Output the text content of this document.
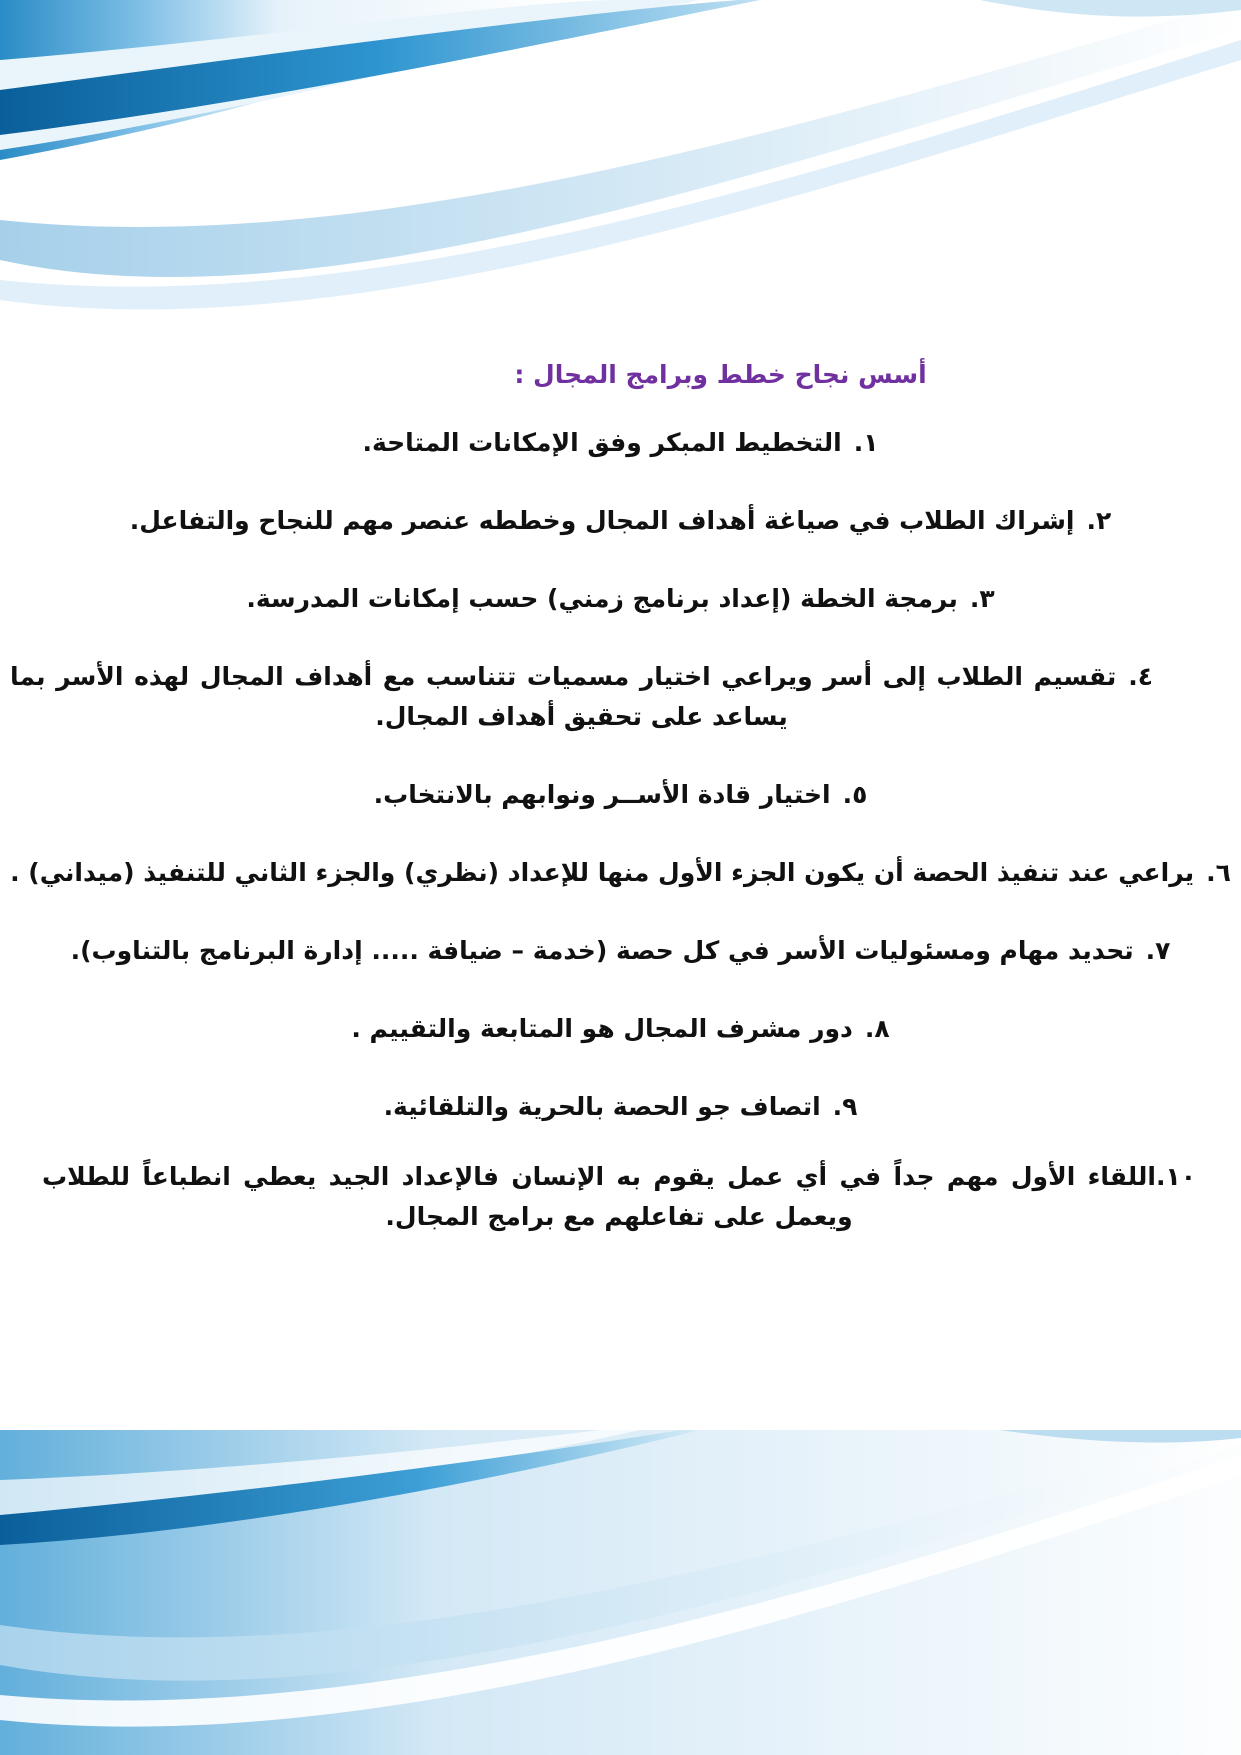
أسس نجاح خطط وبرامج المجال :

١.التخطيط المبكر وفق الإمكانات المتاحة.

٢.إشراك الطلاب في صياغة أهداف المجال وخططه عنصر مهم للنجاح والتفاعل.

٣.برمجة الخطة (إعداد برنامج زمني) حسب إمكانات المدرسة.

٤.تقسيم الطلاب إلى أسر ويراعي اختيار مسميات تتناسب مع أهداف المجال لهذه الأسر بما يساعد على تحقيق أهداف المجال.

٥.اختيار قادة الأســر ونوابهم بالانتخاب.

٦.يراعي عند تنفيذ الحصة أن يكون الجزء الأول منها للإعداد (نظري) والجزء الثاني للتنفيذ (ميداني) .

٧.تحديد مهام ومسئوليات الأسر في كل حصة (خدمة – ضيافة ..... إدارة البرنامج بالتناوب).

٨.دور مشرف المجال هو المتابعة والتقييم .

٩.اتصاف جو الحصة بالحرية والتلقائية.

١٠.اللقاء الأول مهم جداً في أي عمل يقوم به الإنسان فالإعداد الجيد يعطي انطباعاً للطلاب ويعمل على تفاعلهم مع برامج المجال.
